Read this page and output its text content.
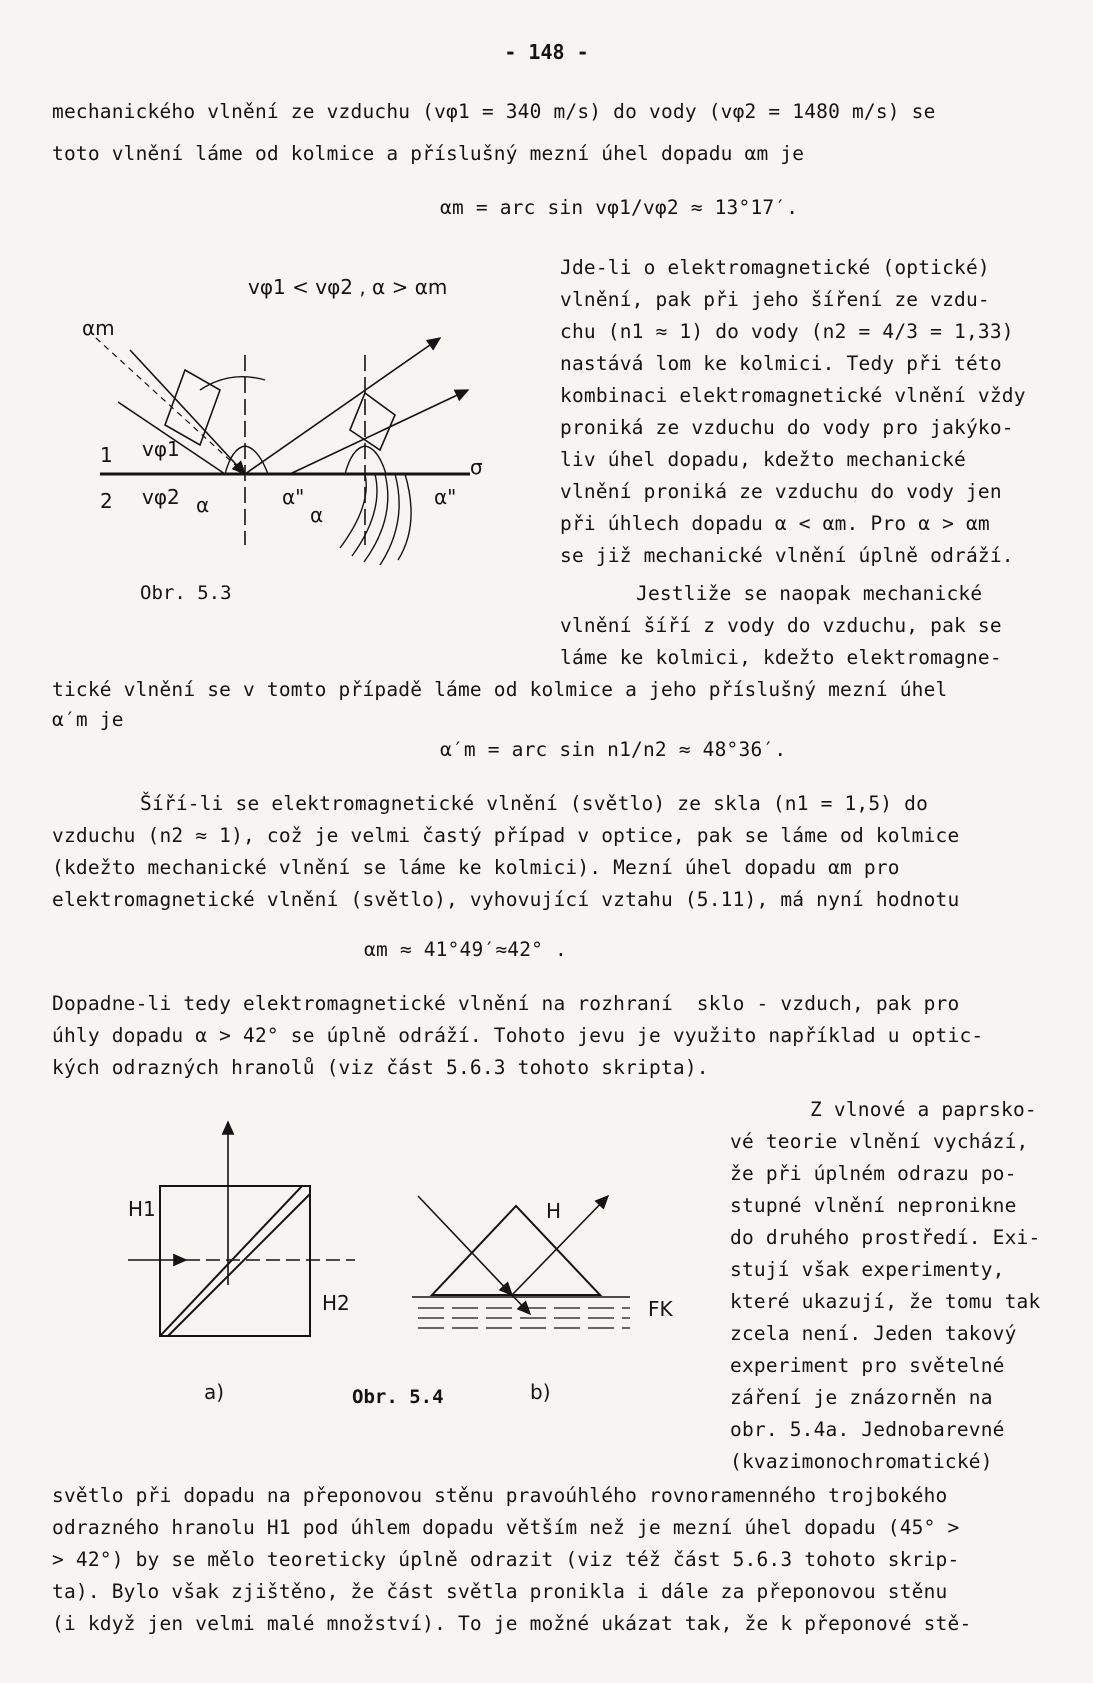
- 148 -
mechanického vlnění ze vzduchu (vφ1 = 340 m/s) do vody (vφ2 = 1480 m/s) se
toto vlnění láme od kolmice a příslušný mezní úhel dopadu αm je
αm = arc sin vφ1/vφ2 ≈ 13°17′.
vφ1 < vφ2 , α > αm
αm
1
2
vφ1
vφ2 α	α"
α
α"
σ
Obr. 5.3
Jde-li o elektromagnetické (optické)
vlnění, pak při jeho šíření ze vzdu-
chu (n1 ≈ 1) do vody (n2 = 4/3 = 1,33)
nastává lom ke kolmici. Tedy při této
kombinaci elektromagnetické vlnění vždy
proniká ze vzduchu do vody pro jakýko-
liv úhel dopadu, kdežto mechanické
vlnění proniká ze vzduchu do vody jen
při úhlech dopadu α < αm. Pro α > αm
se již mechanické vlnění úplně odráží.
Jestliže se naopak mechanické
vlnění šíří z vody do vzduchu, pak se
láme ke kolmici, kdežto elektromagne-
tické vlnění se v tomto případě láme od kolmice a jeho příslušný mezní úhel
α′m je
α′m = arc sin n1/n2 ≈ 48°36′.
Šíří-li se elektromagnetické vlnění (světlo) ze skla (n1 = 1,5) do
vzduchu (n2 ≈ 1), což je velmi častý případ v optice, pak se láme od kolmice
(kdežto mechanické vlnění se láme ke kolmici). Mezní úhel dopadu αm pro
elektromagnetické vlnění (světlo), vyhovující vztahu (5.11), má nyní hodnotu
αm ≈ 41°49′≈42° .
Dopadne-li tedy elektromagnetické vlnění na rozhraní  sklo - vzduch, pak pro
úhly dopadu α > 42° se úplně odráží. Tohoto jevu je využito například u optic-
kých odrazných hranolů (viz část 5.6.3 tohoto skripta).
Z vlnové a paprsko-
vé teorie vlnění vychází,
že při úplném odrazu po-
stupné vlnění nepronikne
do druhého prostředí. Exi-
stují však experimenty,
které ukazují, že tomu tak
zcela není. Jeden takový
experiment pro světelné
záření je znázorněn na
obr. 5.4a. Jednobarevné
(kvazimonochromatické)
H1
H2
H
FK
a)	Obr. 5.4	b)
světlo při dopadu na přeponovou stěnu pravoúhlého rovnoramenného trojbokého
odrazného hranolu H1 pod úhlem dopadu větším než je mezní úhel dopadu (45° >
> 42°) by se mělo teoreticky úplně odrazit (viz též část 5.6.3 tohoto skrip-
ta). Bylo však zjištěno, že část světla pronikla i dále za přeponovou stěnu
(i když jen velmi malé množství). To je možné ukázat tak, že k přeponové stě-
